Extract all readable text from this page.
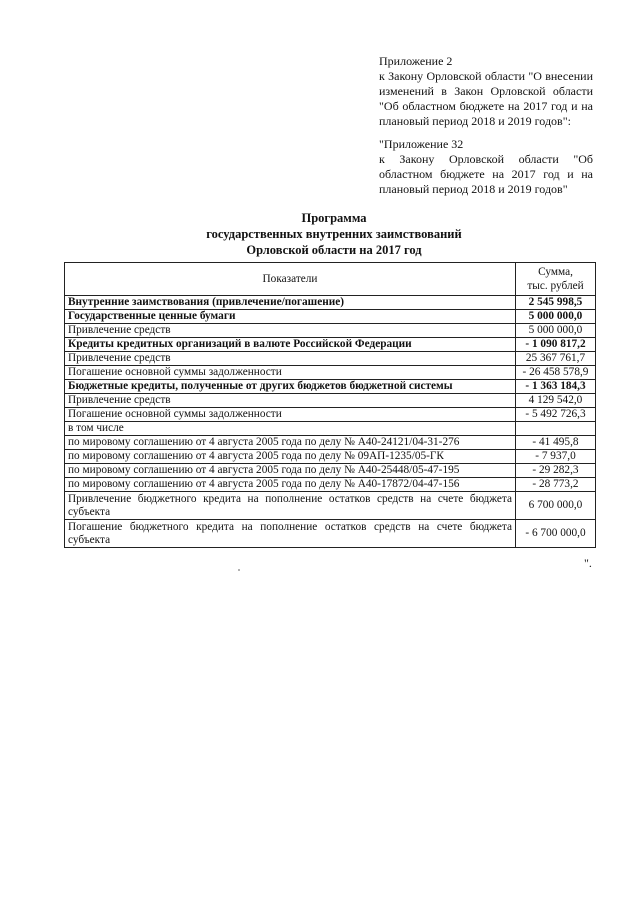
Приложение 2

к Закону Орловской области "О внесении изменений в Закон Орловской области "Об областном бюджете на 2017 год и на плановый период 2018 и 2019 годов":

"Приложение 32

к Закону Орловской области "Об областном бюджете на 2017 год и на плановый период 2018 и 2019 годов"

Программа
государственных внутренних заимствований
Орловской области на 2017 год
Показатели	Сумма,
тыс. рублей
Внутренние заимствования (привлечение/погашение)	2 545 998,5
Государственные ценные бумаги	5 000 000,0
Привлечение средств	5 000 000,0
Кредиты кредитных организаций в валюте Российской Федерации	- 1 090 817,2
Привлечение средств	25 367 761,7
Погашение основной суммы задолженности	- 26 458 578,9
Бюджетные кредиты, полученные от других бюджетов бюджетной системы	- 1 363 184,3
Привлечение средств	4 129 542,0
Погашение основной суммы задолженности	- 5 492 726,3
в том числе	
по мировому соглашению от 4 августа 2005 года по делу № А40-24121/04-31-276	- 41 495,8
по мировому соглашению от 4 августа 2005 года по делу № 09АП-1235/05-ГК	- 7 937,0
по мировому соглашению от 4 августа 2005 года по делу № А40-25448/05-47-195	- 29 282,3
по мировому соглашению от 4 августа 2005 года по делу № А40-17872/04-47-156	- 28 773,2
Привлечение бюджетного кредита на пополнение остатков средств на счете бюджета субъекта	6 700 000,0
Погашение бюджетного кредита на пополнение остатков средств на счете бюджета субъекта	- 6 700 000,0
".
